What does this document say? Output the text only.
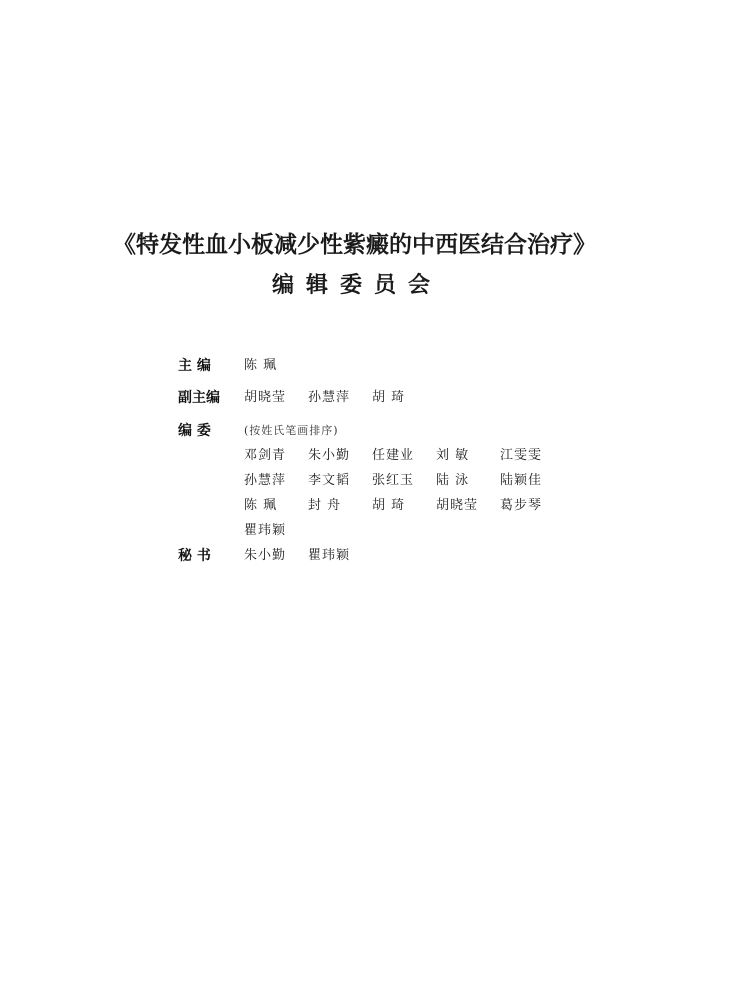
《特发性血小板减少性紫癜的中西医结合治疗》
编辑委员会
主 编	陈 珮
副主编	胡晓莹 孙慧萍 胡 琦
编 委	(按姓氏笔画排序)
邓剑青 朱小勤 任建业 刘 敏 江雯雯
孙慧萍 李文韬 张红玉 陆 泳 陆颖佳
陈 珮 封 舟 胡 琦 胡晓莹 葛步琴
瞿玮颖
秘 书	朱小勤 瞿玮颖
